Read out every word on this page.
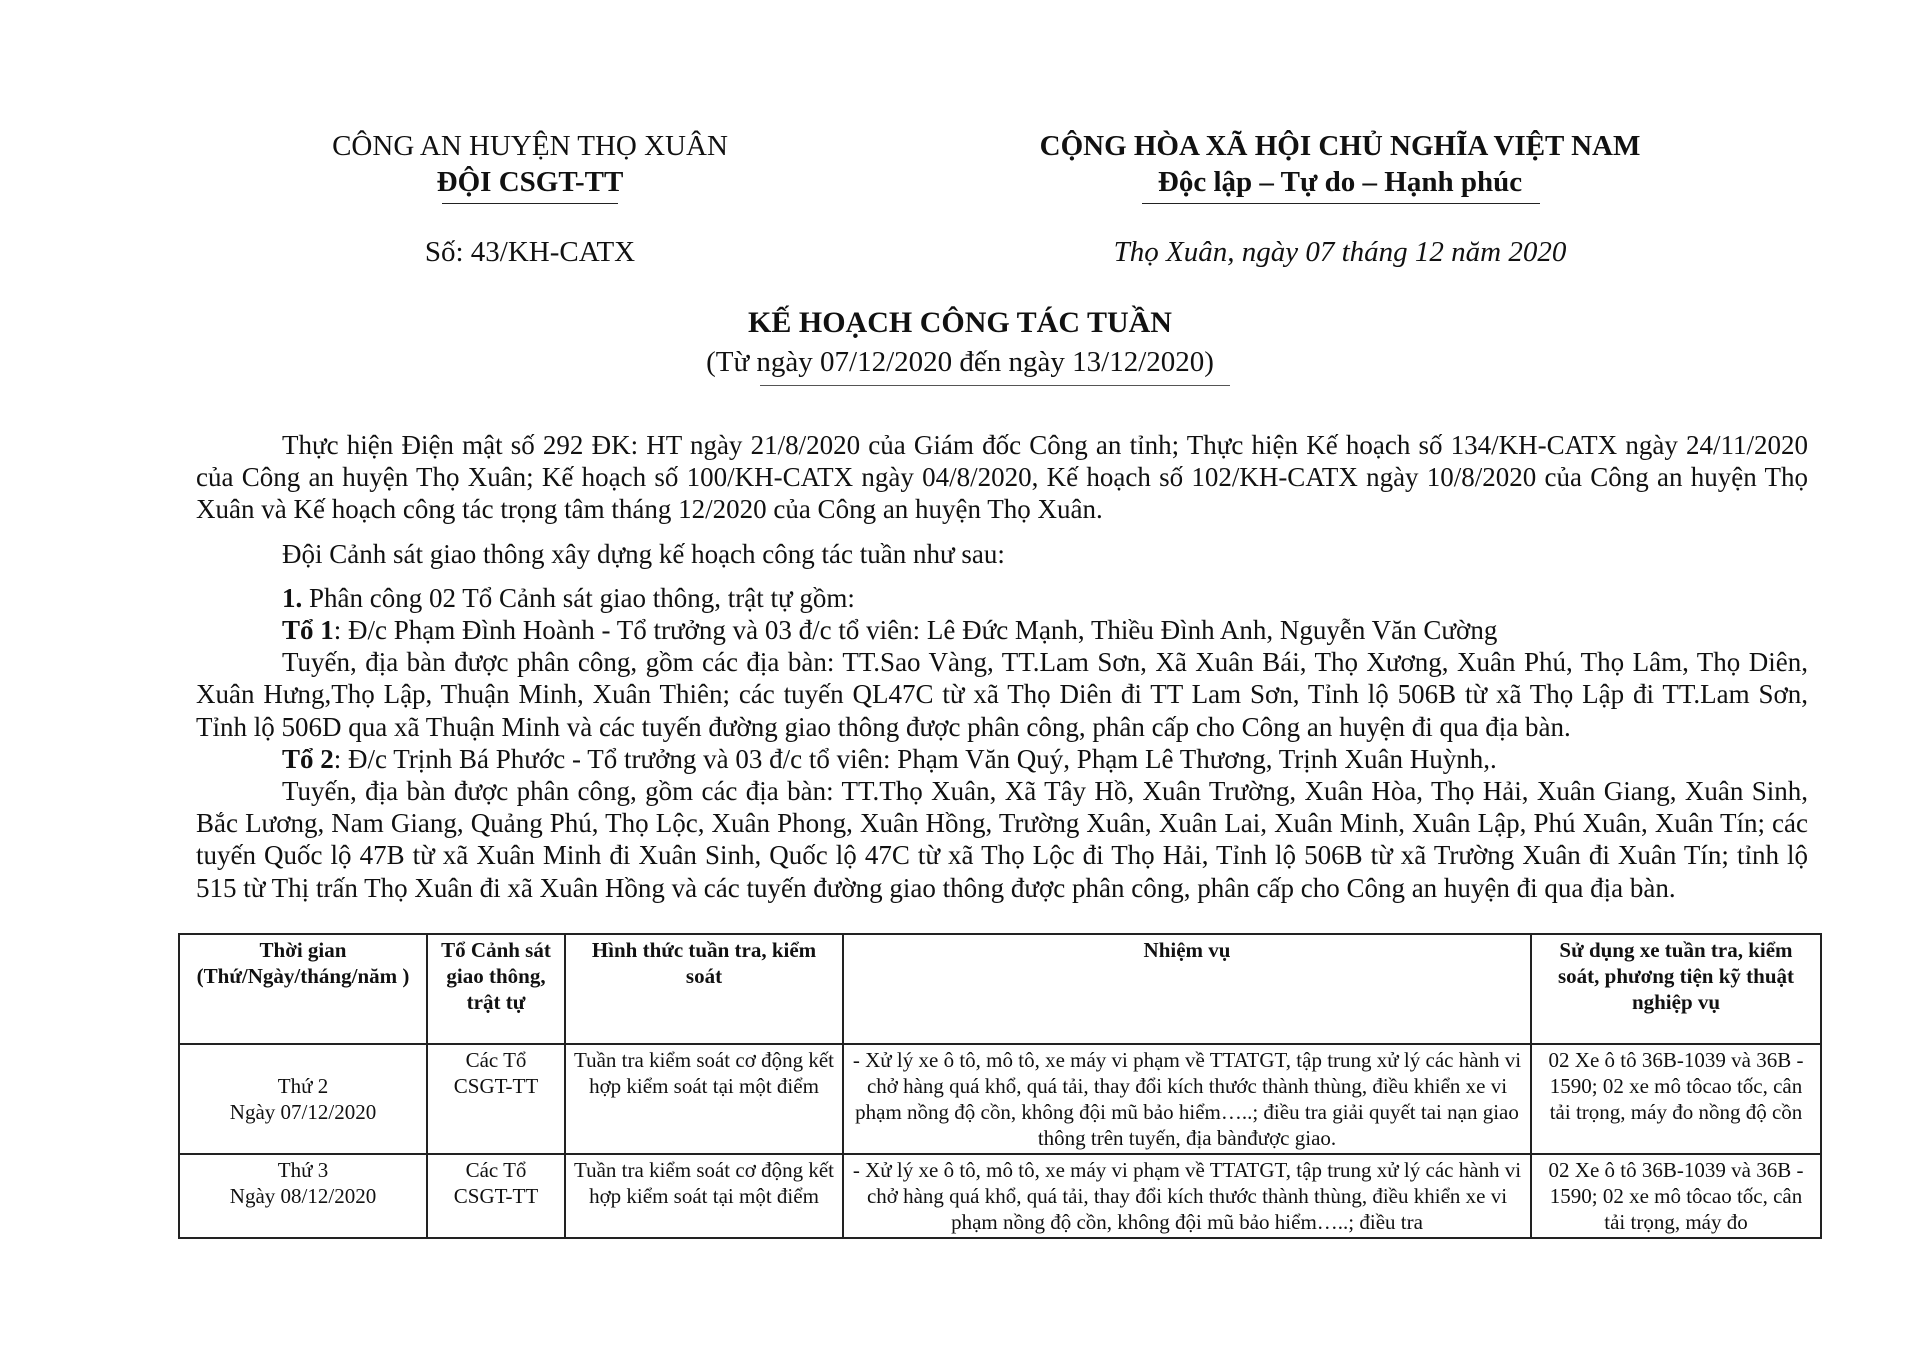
CÔNG AN HUYỆN THỌ XUÂN
ĐỘI CSGT-TT
CỘNG HÒA XÃ HỘI CHỦ NGHĨA VIỆT NAM
Độc lập – Tự do – Hạnh phúc
Số: 43/KH-CATX	Thọ Xuân, ngày 07 tháng 12 năm 2020
KẾ HOẠCH CÔNG TÁC TUẦN
(Từ ngày 07/12/2020 đến ngày 13/12/2020)

Thực hiện Điện mật số 292 ĐK: HT ngày 21/8/2020 của Giám đốc Công an tỉnh; Thực hiện Kế hoạch số 134/KH-CATX ngày 24/11/2020 của Công an huyện Thọ Xuân; Kế hoạch số 100/KH-CATX ngày 04/8/2020, Kế hoạch số 102/KH-CATX ngày 10/8/2020 của Công an huyện Thọ Xuân và Kế hoạch công tác trọng tâm tháng 12/2020 của Công an huyện Thọ Xuân.

Đội Cảnh sát giao thông xây dựng kế hoạch công tác tuần như sau:

1. Phân công 02 Tổ Cảnh sát giao thông, trật tự gồm:

Tổ 1: Đ/c Phạm Đình Hoành - Tổ trưởng và 03 đ/c tổ viên: Lê Đức Mạnh, Thiều Đình Anh, Nguyễn Văn Cường

Tuyến, địa bàn được phân công, gồm các địa bàn: TT.Sao Vàng, TT.Lam Sơn, Xã Xuân Bái, Thọ Xương, Xuân Phú, Thọ Lâm, Thọ Diên, Xuân Hưng,Thọ Lập, Thuận Minh, Xuân Thiên; các tuyến QL47C từ xã Thọ Diên đi TT Lam Sơn, Tỉnh lộ 506B từ xã Thọ Lập đi TT.Lam Sơn, Tỉnh lộ 506D qua xã Thuận Minh và các tuyến đường giao thông được phân công, phân cấp cho Công an huyện đi qua địa bàn.

Tổ 2: Đ/c Trịnh Bá Phước - Tổ trưởng và 03 đ/c tổ viên: Phạm Văn Quý, Phạm Lê Thương, Trịnh Xuân Huỳnh,.

Tuyến, địa bàn được phân công, gồm các địa bàn: TT.Thọ Xuân, Xã Tây Hồ, Xuân Trường, Xuân Hòa, Thọ Hải, Xuân Giang, Xuân Sinh, Bắc Lương, Nam Giang, Quảng Phú, Thọ Lộc, Xuân Phong, Xuân Hồng, Trường Xuân, Xuân Lai, Xuân Minh, Xuân Lập, Phú Xuân, Xuân Tín; các tuyến Quốc lộ 47B từ xã Xuân Minh đi Xuân Sinh, Quốc lộ 47C từ xã Thọ Lộc đi Thọ Hải, Tỉnh lộ 506B từ xã Trường Xuân đi Xuân Tín; tỉnh lộ 515 từ Thị trấn Thọ Xuân đi xã Xuân Hồng và các tuyến đường giao thông được phân công, phân cấp cho Công an huyện đi qua địa bàn.

Thời gian (Thứ/Ngày/tháng/năm )	Tổ Cảnh sát giao thông, trật tự	Hình thức tuần tra, kiểm soát	Nhiệm vụ	Sử dụng xe tuần tra, kiểm soát, phương tiện kỹ thuật nghiệp vụ

Thứ 2
Ngày 07/12/2020	Các Tổ CSGT-TT	Tuần tra kiểm soát cơ động kết hợp kiểm soát tại một điểm	- Xử lý xe ô tô, mô tô, xe máy vi phạm về TTATGT, tập trung xử lý các hành vi chở hàng quá khổ, quá tải, thay đổi kích thước thành thùng, điều khiển xe vi phạm nồng độ cồn, không đội mũ bảo hiểm…..; điều tra giải quyết tai nạn giao thông trên tuyến, địa bànđược giao.	02 Xe ô tô 36B-1039 và 36B - 1590; 02 xe mô tôcao tốc, cân tải trọng, máy đo nồng độ cồn

Thứ 3
Ngày 08/12/2020	Các Tổ CSGT-TT	Tuần tra kiểm soát cơ động kết hợp kiểm soát tại một điểm	- Xử lý xe ô tô, mô tô, xe máy vi phạm về TTATGT, tập trung xử lý các hành vi chở hàng quá khổ, quá tải, thay đổi kích thước thành thùng, điều khiển xe vi phạm nồng độ cồn, không đội mũ bảo hiểm…..; điều tra	02 Xe ô tô 36B-1039 và 36B - 1590; 02 xe mô tôcao tốc, cân tải trọng, máy đo
